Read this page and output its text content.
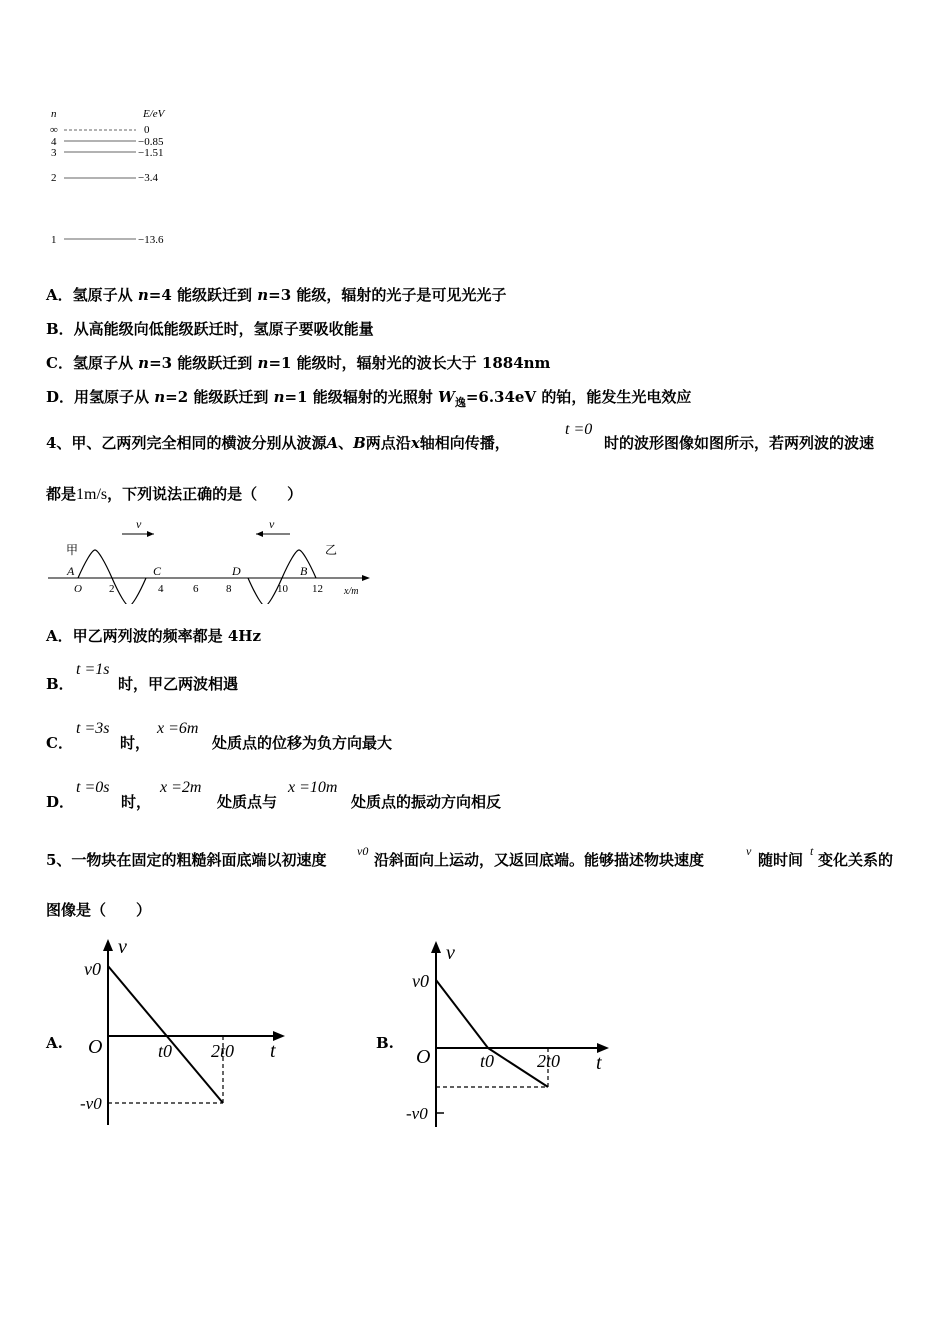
n	E/eV
∞	0
4	−0.85
3	−1.51
2	−3.4
1	−13.6
A．氢原子从 n=4 能级跃迁到 n=3 能级，辐射的光子是可见光光子
B．从高能级向低能级跃迁时，氢原子要吸收能量
C．氢原子从 n=3 能级跃迁到 n=1 能级时，辐射光的波长大于 1884nm
D．用氢原子从 n=2 能级跃迁到 n=1 能级辐射的光照射 $W_逸=6.34eV$ 的铂，能发生光电效应
4、甲、乙两列完全相同的横波分别从波源A、B两点沿x轴相向传播，
t =0
时的波形图像如图所示，若两列波的波速
都是1m/s，下列说法正确的是（　　）
甲	乙
v	v
A	C	D	B
O 2	4	6	8	10 12 x/m
A．甲乙两列波的频率都是 4Hz
B．
t =1s
时，甲乙两波相遇
C．
t =3s
时，
x =6m
处质点的位移为负方向最大
D．
t =0s
时，
x =2m
处质点与
x =10m
处质点的振动方向相反
5、一物块在固定的粗糙斜面底端以初速度	v0 沿斜面向上运动，又返回底端。能够描述物块速度	v 随时间 t 变化关系的
图像是（　　）
A.
v
v0
O	t0 2t0 t
-v0
B.
v
v0
O	t0 2t0 t
-v0
